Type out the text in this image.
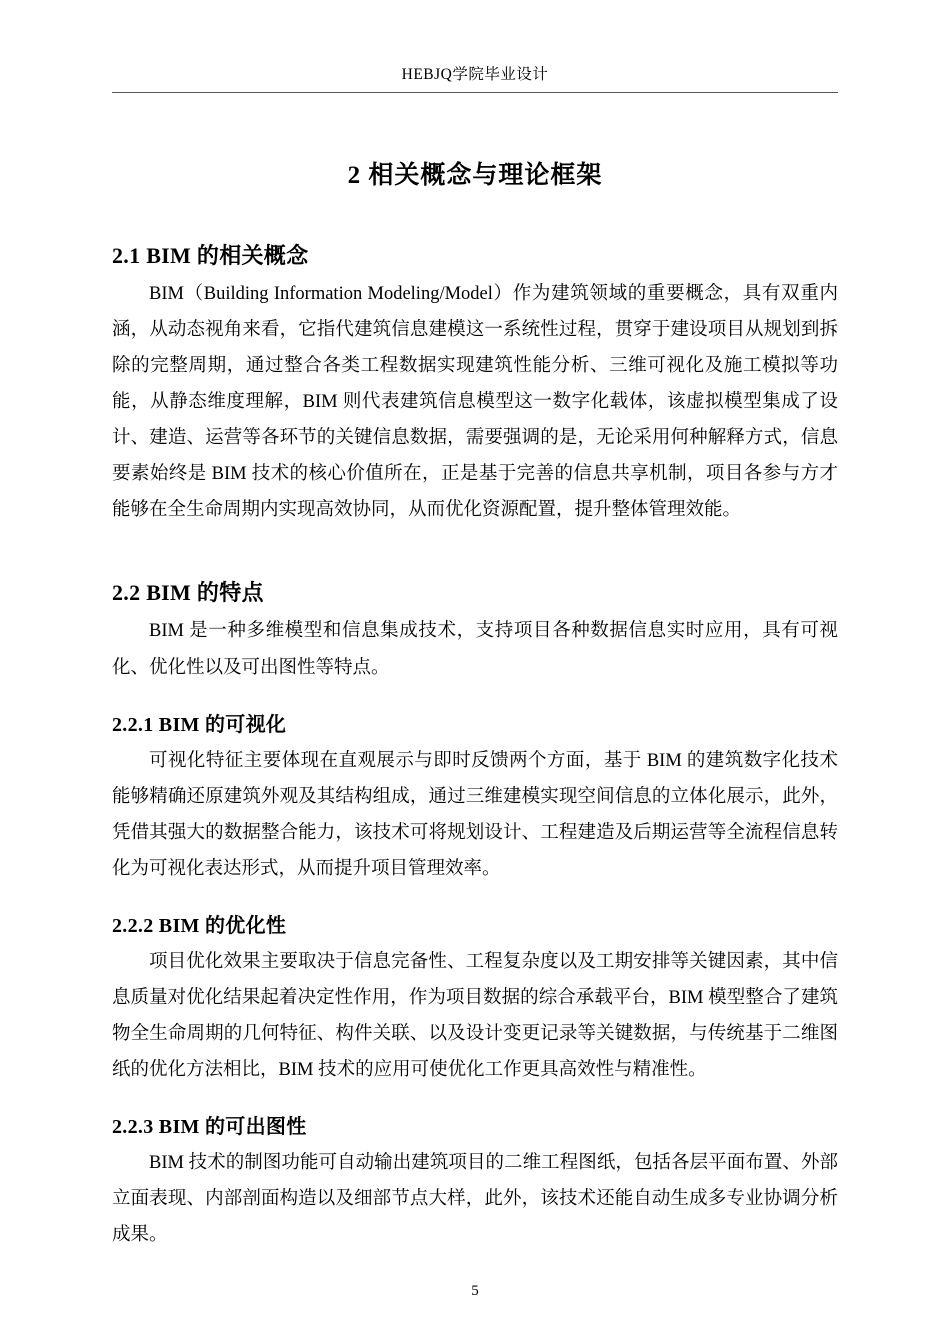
HEBJQ学院毕业设计
2 相关概念与理论框架
2.1 BIM 的相关概念

BIM（Building Information Modeling/Model）作为建筑领域的重要概念，具有双重内涵，从动态视角来看，它指代建筑信息建模这一系统性过程，贯穿于建设项目从规划到拆除的完整周期，通过整合各类工程数据实现建筑性能分析、三维可视化及施工模拟等功能，从静态维度理解，BIM 则代表建筑信息模型这一数字化载体，该虚拟模型集成了设计、建造、运营等各环节的关键信息数据，需要强调的是，无论采用何种解释方式，信息要素始终是 BIM 技术的核心价值所在，正是基于完善的信息共享机制，项目各参与方才能够在全生命周期内实现高效协同，从而优化资源配置，提升整体管理效能。

2.2 BIM 的特点

BIM 是一种多维模型和信息集成技术，支持项目各种数据信息实时应用，具有可视化、优化性以及可出图性等特点。

2.2.1 BIM 的可视化

可视化特征主要体现在直观展示与即时反馈两个方面，基于 BIM 的建筑数字化技术能够精确还原建筑外观及其结构组成，通过三维建模实现空间信息的立体化展示，此外，凭借其强大的数据整合能力，该技术可将规划设计、工程建造及后期运营等全流程信息转化为可视化表达形式，从而提升项目管理效率。

2.2.2 BIM 的优化性

项目优化效果主要取决于信息完备性、工程复杂度以及工期安排等关键因素，其中信息质量对优化结果起着决定性作用，作为项目数据的综合承载平台，BIM 模型整合了建筑物全生命周期的几何特征、构件关联、以及设计变更记录等关键数据，与传统基于二维图纸的优化方法相比，BIM 技术的应用可使优化工作更具高效性与精准性。

2.2.3 BIM 的可出图性

BIM 技术的制图功能可自动输出建筑项目的二维工程图纸，包括各层平面布置、外部立面表现、内部剖面构造以及细部节点大样，此外，该技术还能自动生成多专业协调分析成果。

5
